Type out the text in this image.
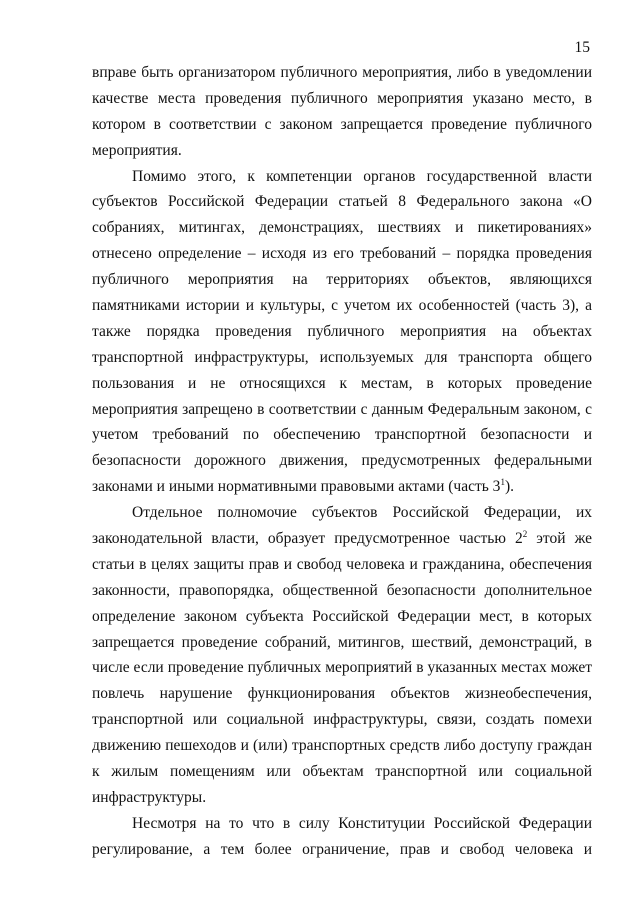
15
вправе быть организатором публичного мероприятия, либо в уведомлении
качестве места проведения публичного мероприятия указано место, в
котором в соответствии с законом запрещается проведение публичного
мероприятия.
Помимо этого, к компетенции органов государственной власти
субъектов Российской Федерации статьей 8 Федерального закона «О
собраниях, митингах, демонстрациях, шествиях и пикетированиях»
отнесено определение – исходя из его требований – порядка проведения
публичного мероприятия на территориях объектов, являющихся
памятниками истории и культуры, с учетом их особенностей (часть 3), а
также порядка проведения публичного мероприятия на объектах
транспортной инфраструктуры, используемых для транспорта общего
пользования и не относящихся к местам, в которых проведение
мероприятия запрещено в соответствии с данным Федеральным законом, с
учетом требований по обеспечению транспортной безопасности и
безопасности дорожного движения, предусмотренных федеральными
законами и иными нормативными правовыми актами (часть $3^1$).
Отдельное полномочие субъектов Российской Федерации, их
законодательной власти, образует предусмотренное частью $2^2$ этой же
статьи в целях защиты прав и свобод человека и гражданина, обеспечения
законности, правопорядка, общественной безопасности дополнительное
определение законом субъекта Российской Федерации мест, в которых
запрещается проведение собраний, митингов, шествий, демонстраций, в
числе если проведение публичных мероприятий в указанных местах может
повлечь нарушение функционирования объектов жизнеобеспечения,
транспортной или социальной инфраструктуры, связи, создать помехи
движению пешеходов и (или) транспортных средств либо доступу граждан
к жилым помещениям или объектам транспортной или социальной
инфраструктуры.
Несмотря на то что в силу Конституции Российской Федерации
регулирование, а тем более ограничение, прав и свобод человека и
